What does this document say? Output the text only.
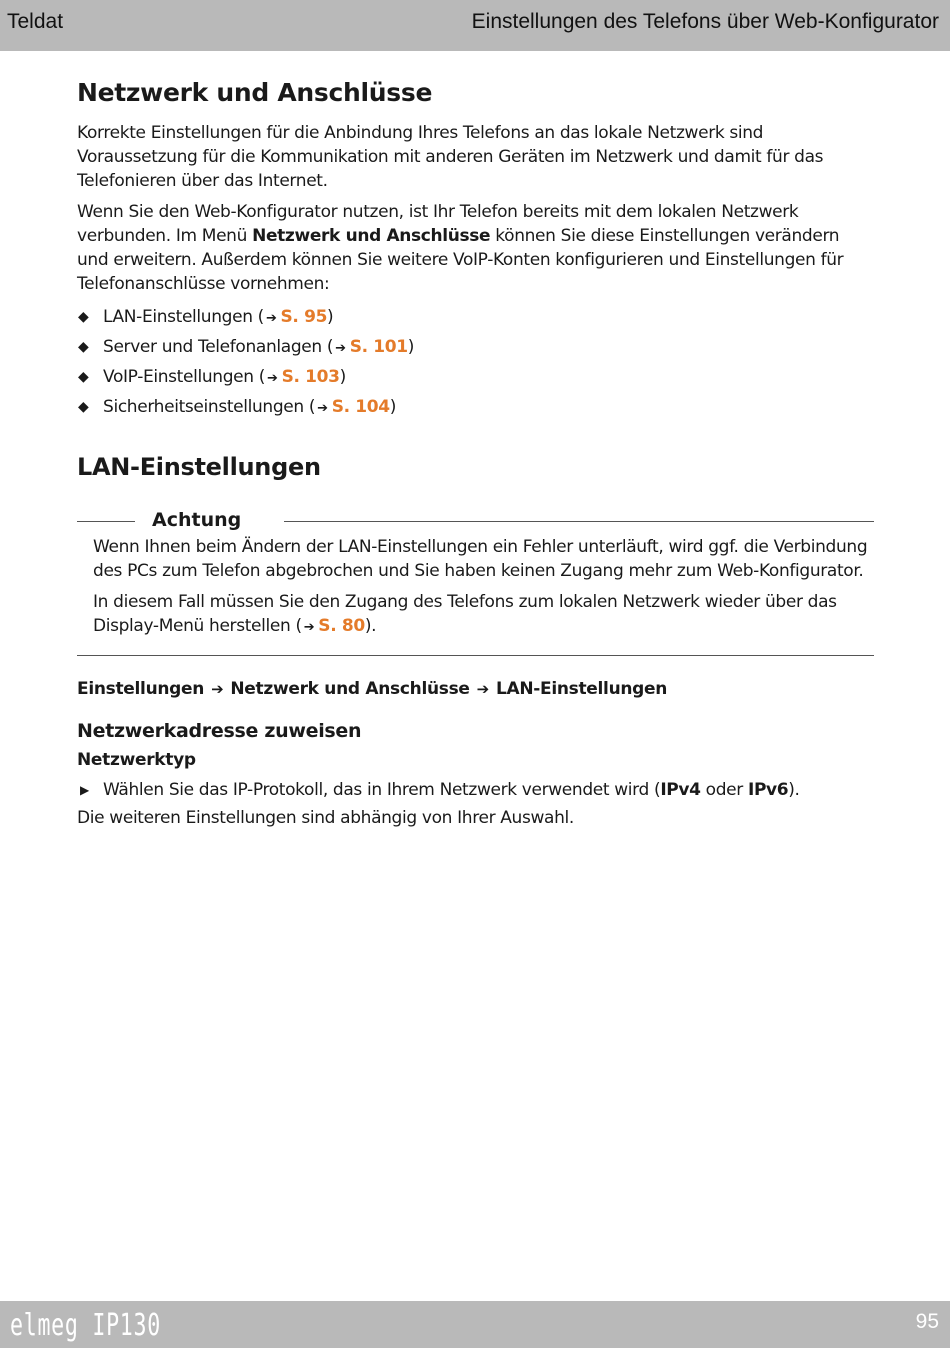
Teldat	Einstellungen des Telefons über Web-Konfigurator
Netzwerk und Anschlüsse

Korrekte Einstellungen für die Anbindung Ihres Telefons an das lokale Netzwerk sind Voraussetzung für die Kommunikation mit anderen Geräten im Netzwerk und damit für das Telefonieren über das Internet.

Wenn Sie den Web-Konfigurator nutzen, ist Ihr Telefon bereits mit dem lokalen Netzwerk verbunden. Im Menü Netzwerk und Anschlüsse können Sie diese Einstellungen verändern und erweitern. Außerdem können Sie weitere VoIP-Konten konfigurieren und Einstellungen für Telefonanschlüsse vornehmen:

◆ LAN-Einstellungen ( ➔ S. 95)
◆ Server und Telefonanlagen ( ➔ S. 101)
◆ VoIP-Einstellungen ( ➔ S. 103)
◆ Sicherheitseinstellungen ( ➔ S. 104)
LAN-Einstellungen
Achtung

Wenn Ihnen beim Ändern der LAN-Einstellungen ein Fehler unterläuft, wird ggf. die Verbindung des PCs zum Telefon abgebrochen und Sie haben keinen Zugang mehr zum Web-Konfigurator.

In diesem Fall müssen Sie den Zugang des Telefons zum lokalen Netzwerk wieder über das Display-Menü herstellen ( ➔ S. 80).

Einstellungen ➔ Netzwerk und Anschlüsse ➔ LAN-Einstellungen
Netzwerkadresse zuweisen
Netzwerktyp
▶ Wählen Sie das IP-Protokoll, das in Ihrem Netzwerk verwendet wird (IPv4 oder IPv6).

Die weiteren Einstellungen sind abhängig von Ihrer Auswahl.

elmeg IP130	95
